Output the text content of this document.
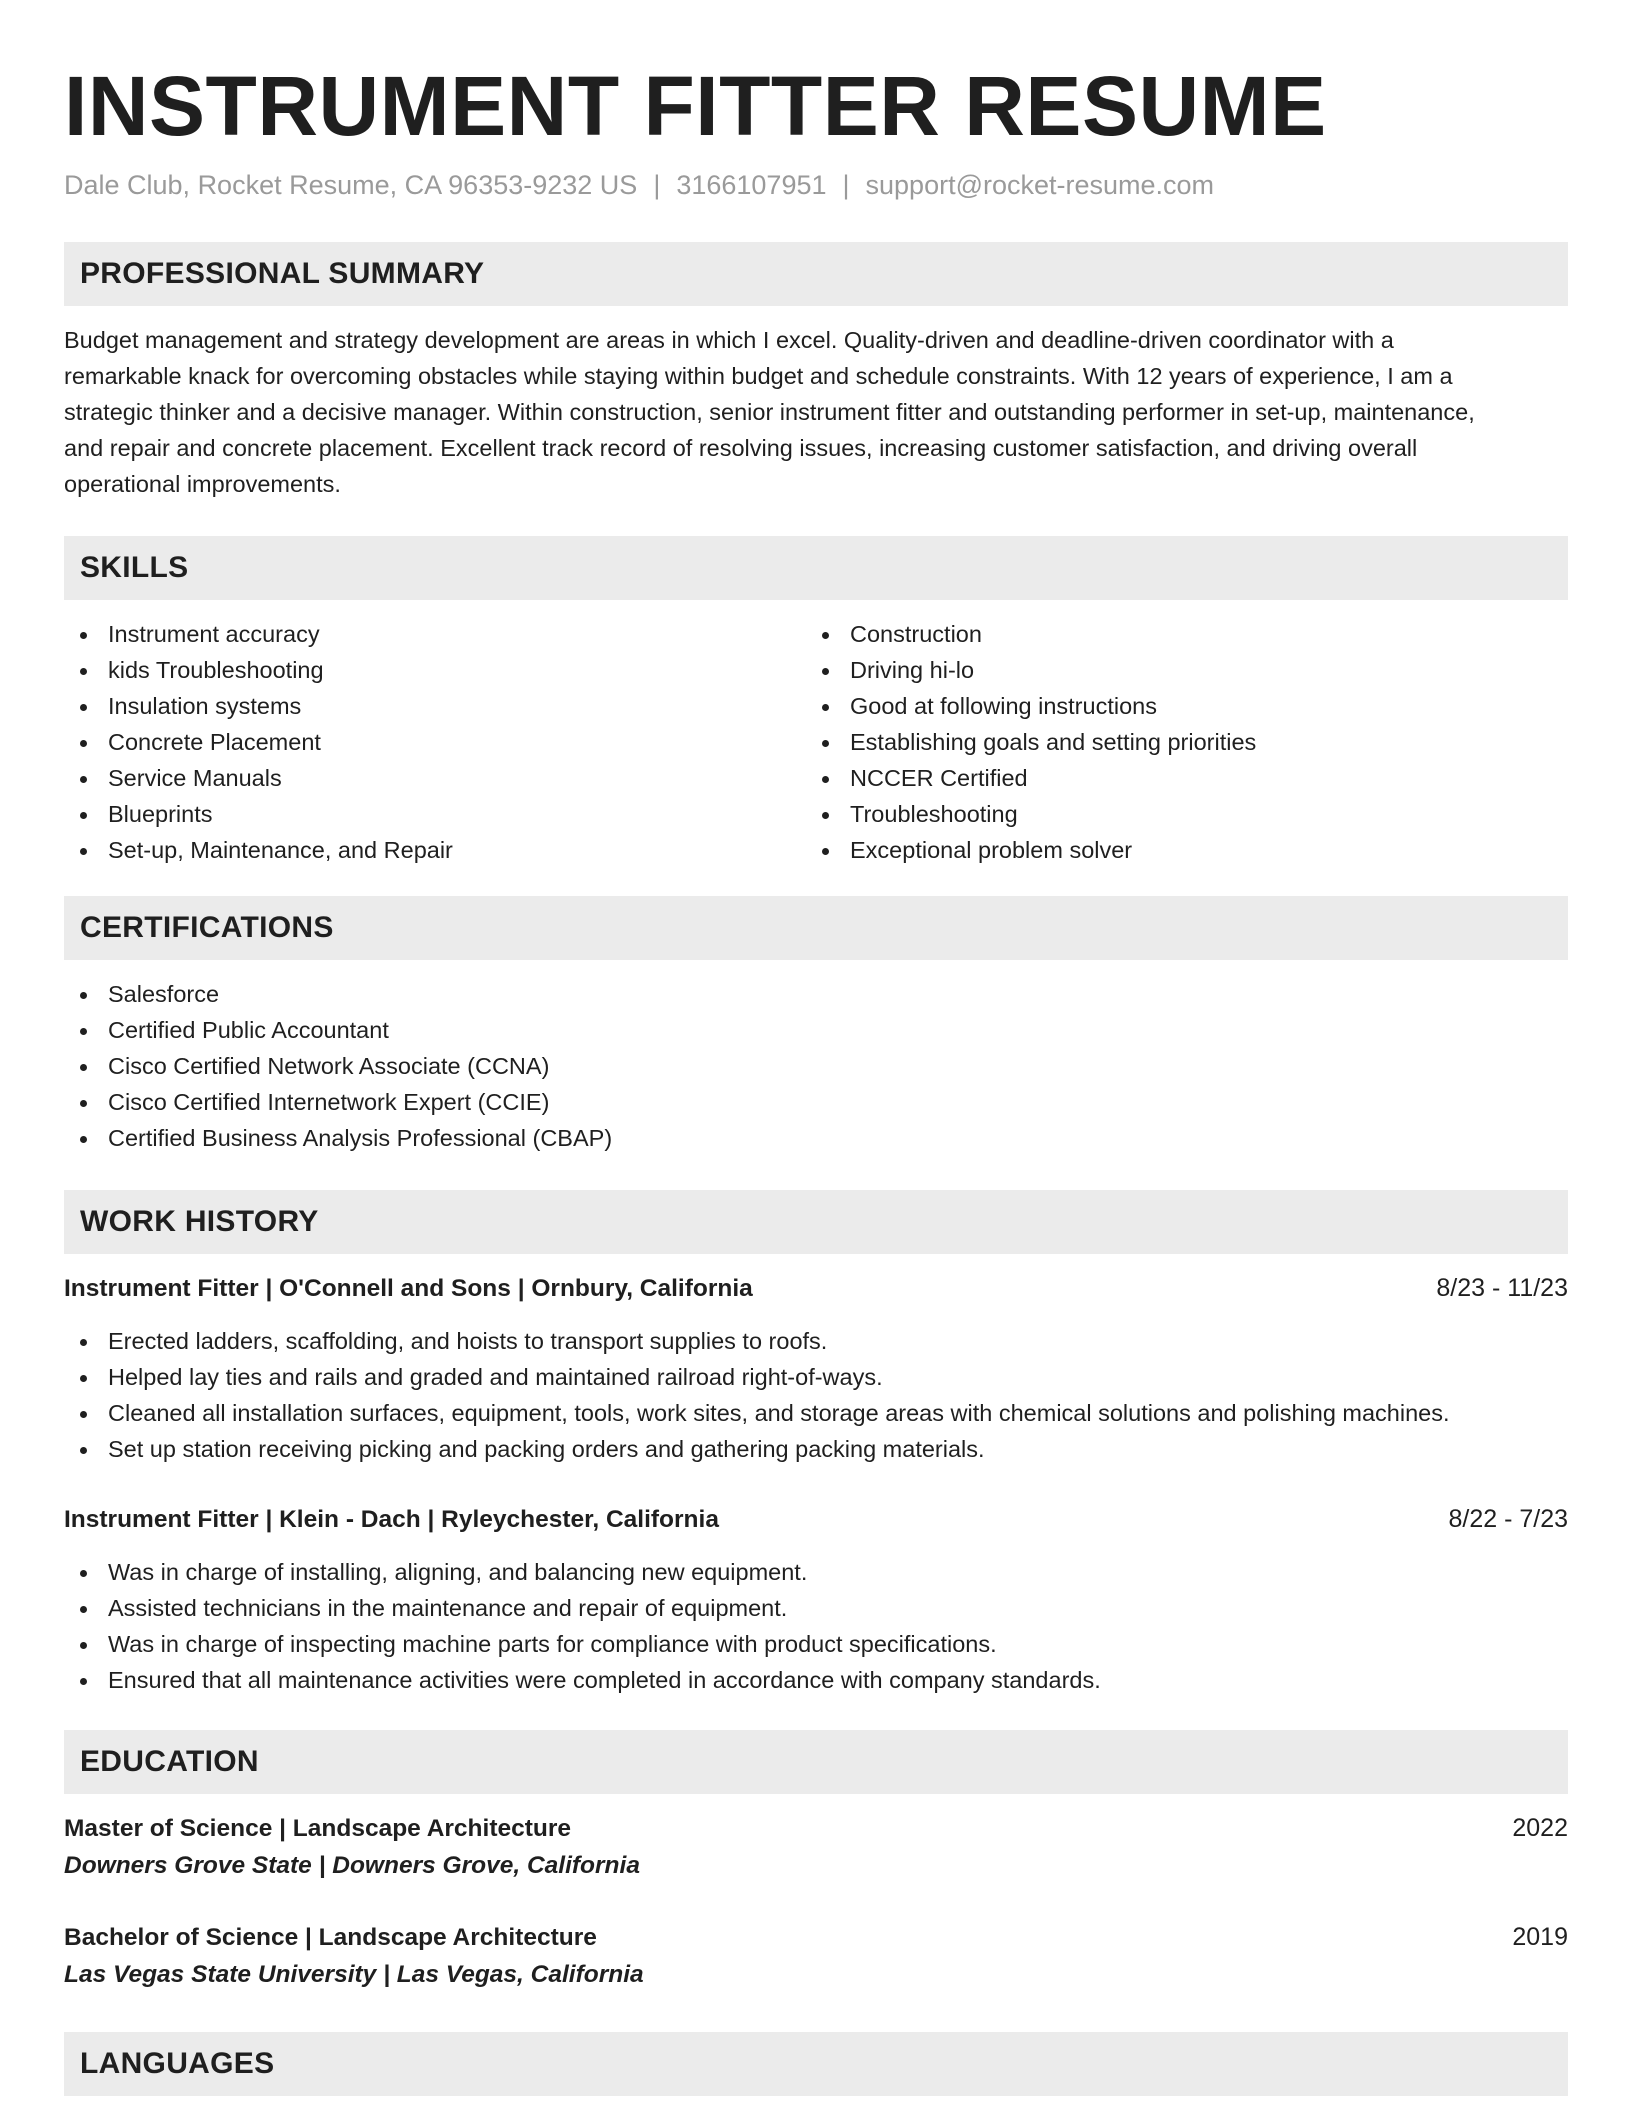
INSTRUMENT FITTER RESUME
Dale Club, Rocket Resume, CA 96353-9232 US | 3166107951 | support@rocket-resume.com
PROFESSIONAL SUMMARY
Budget management and strategy development are areas in which I excel. Quality-driven and deadline-driven coordinator with a
remarkable knack for overcoming obstacles while staying within budget and schedule constraints. With 12 years of experience, I am a
strategic thinker and a decisive manager. Within construction, senior instrument fitter and outstanding performer in set-up, maintenance,
and repair and concrete placement. Excellent track record of resolving issues, increasing customer satisfaction, and driving overall
operational improvements.
SKILLS
Instrument accuracy
kids Troubleshooting
Insulation systems
Concrete Placement
Service Manuals
Blueprints
Set-up, Maintenance, and Repair
Construction
Driving hi-lo
Good at following instructions
Establishing goals and setting priorities
NCCER Certified
Troubleshooting
Exceptional problem solver
CERTIFICATIONS
Salesforce
Certified Public Accountant
Cisco Certified Network Associate (CCNA)
Cisco Certified Internetwork Expert (CCIE)
Certified Business Analysis Professional (CBAP)
WORK HISTORY
Instrument Fitter | O'Connell and Sons | Ornbury, California	8/23 - 11/23
Erected ladders, scaffolding, and hoists to transport supplies to roofs.
Helped lay ties and rails and graded and maintained railroad right-of-ways.
Cleaned all installation surfaces, equipment, tools, work sites, and storage areas with chemical solutions and polishing machines.
Set up station receiving picking and packing orders and gathering packing materials.
Instrument Fitter | Klein - Dach | Ryleychester, California	8/22 - 7/23
Was in charge of installing, aligning, and balancing new equipment.
Assisted technicians in the maintenance and repair of equipment.
Was in charge of inspecting machine parts for compliance with product specifications.
Ensured that all maintenance activities were completed in accordance with company standards.
EDUCATION
Master of Science | Landscape Architecture	2022
Downers Grove State | Downers Grove, California
Bachelor of Science | Landscape Architecture	2019
Las Vegas State University | Las Vegas, California
LANGUAGES
